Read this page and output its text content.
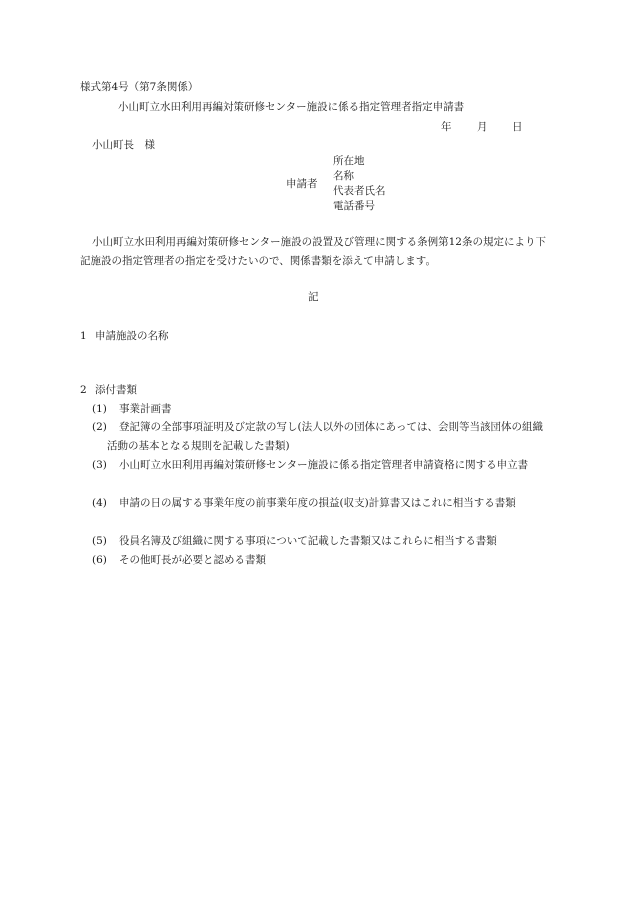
様式第4号（第7条関係）
小山町立水田利用再編対策研修センター施設に係る指定管理者指定申請書
年 月 日
小山町長　様
申請者
所在地
名称
代表者氏名
電話番号
小山町立水田利用再編対策研修センター施設の設置及び管理に関する条例第12条の規定により下記施設の指定管理者の指定を受けたいので、関係書類を添えて申請します。
記
1 申請施設の名称
2 添付書類
(1) 事業計画書
(2)	登記簿の全部事項証明及び定款の写し(法人以外の団体にあっては、会則等当該団体の組織活動の基本となる規則を記載した書類)
(3)	小山町立水田利用再編対策研修センター施設に係る指定管理者申請資格に関する申立書
(4)	申請の日の属する事業年度の前事業年度の損益(収支)計算書又はこれに相当する書類
(5) 役員名簿及び組織に関する事項について記載した書類又はこれらに相当する書類
(6) その他町長が必要と認める書類
